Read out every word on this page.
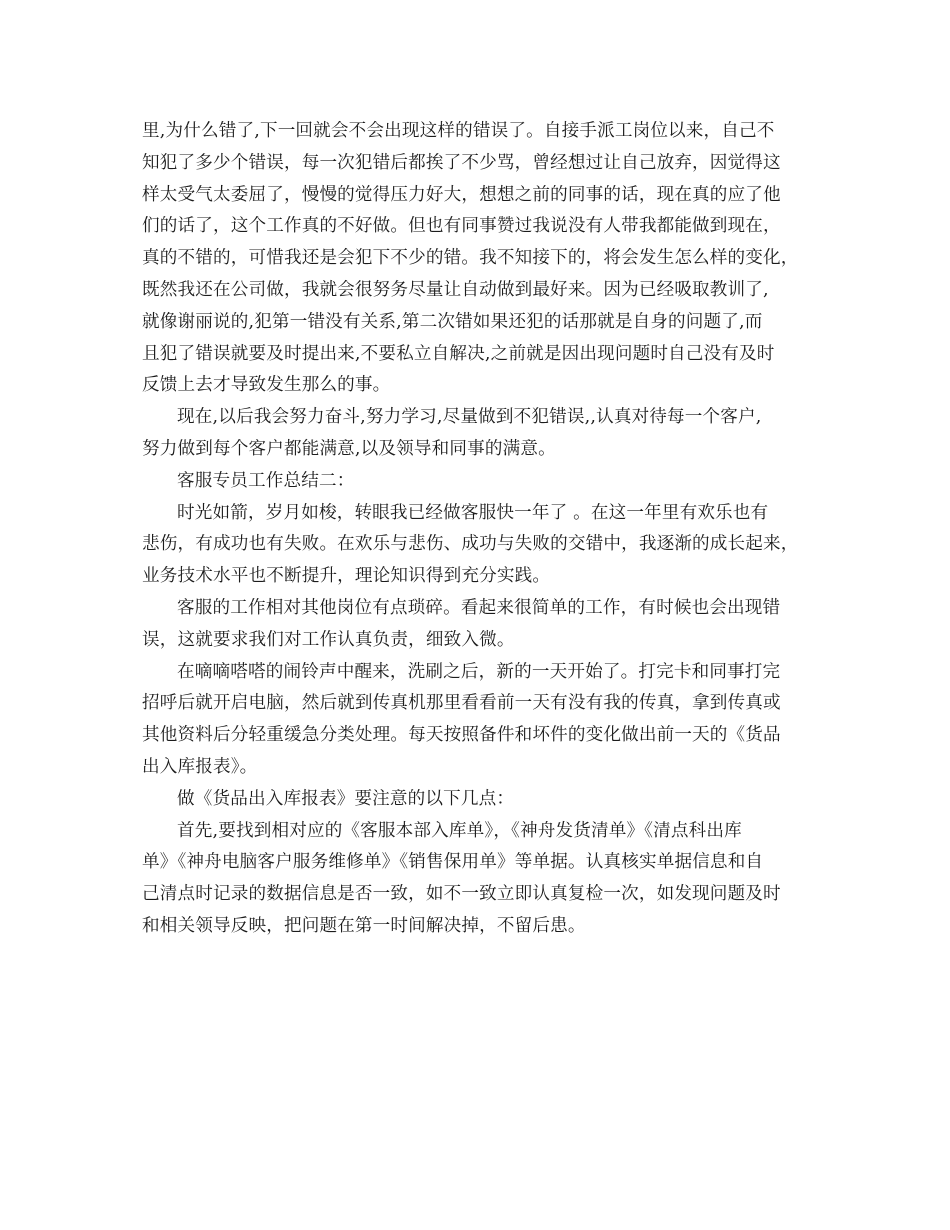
里,为什么错了,下一回就会不会出现这样的错误了。自接手派工岗位以来，自己不
知犯了多少个错误，每一次犯错后都挨了不少骂，曾经想过让自己放弃，因觉得这
样太受气太委屈了，慢慢的觉得压力好大，想想之前的同事的话，现在真的应了他
们的话了，这个工作真的不好做。但也有同事赞过我说没有人带我都能做到现在，
真的不错的，可惜我还是会犯下不少的错。我不知接下的，将会发生怎么样的变化，
既然我还在公司做，我就会很努务尽量让自动做到最好来。因为已经吸取教训了,
就像谢丽说的,犯第一错没有关系,第二次错如果还犯的话那就是自身的问题了,而
且犯了错误就要及时提出来,不要私立自解决,之前就是因出现问题时自己没有及时
反馈上去才导致发生那么的事。
现在,以后我会努力奋斗,努力学习,尽量做到不犯错误,,认真对待每一个客户,
努力做到每个客户都能满意,以及领导和同事的满意。
客服专员工作总结二：
时光如箭，岁月如梭，转眼我已经做客服快一年了 。在这一年里有欢乐也有
悲伤，有成功也有失败。在欢乐与悲伤、成功与失败的交错中，我逐渐的成长起来，
业务技术水平也不断提升，理论知识得到充分实践。
客服的工作相对其他岗位有点琐碎。看起来很简单的工作，有时候也会出现错
误，这就要求我们对工作认真负责，细致入微。
在嘀嘀嗒嗒的闹铃声中醒来，洗刷之后，新的一天开始了。打完卡和同事打完
招呼后就开启电脑，然后就到传真机那里看看前一天有没有我的传真，拿到传真或
其他资料后分轻重缓急分类处理。每天按照备件和坏件的变化做出前一天的《货品
出入库报表》。
做《货品出入库报表》要注意的以下几点：
首先,要找到相对应的《客服本部入库单》，《神舟发货清单》《清点科出库
单》《神舟电脑客户服务维修单》《销售保用单》等单据。认真核实单据信息和自
己清点时记录的数据信息是否一致，如不一致立即认真复检一次，如发现问题及时
和相关领导反映，把问题在第一时间解决掉，不留后患。
